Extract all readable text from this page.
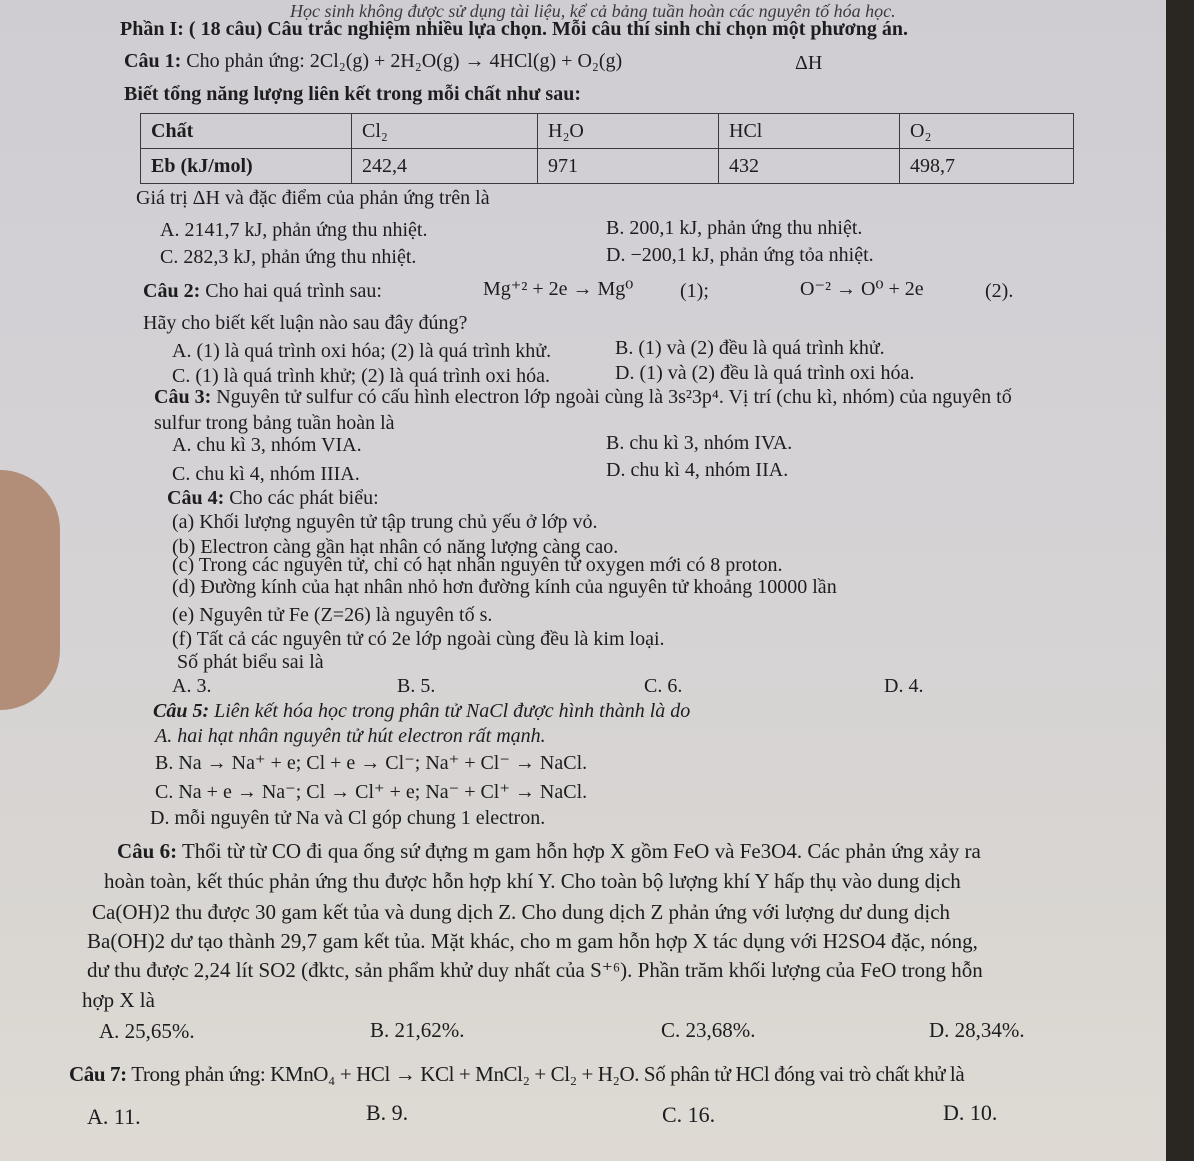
Học sinh không được sử dụng tài liệu, kể cả bảng tuần hoàn các nguyên tố hóa học.
Phần I: ( 18 câu) Câu trắc nghiệm nhiều lựa chọn. Mỗi câu thí sinh chỉ chọn một phương án.
Câu 1: Cho phản ứng: 2Cl₂(g) + 2H₂O(g) → 4HCl(g) + O₂(g)	ΔH
Biết tổng năng lượng liên kết trong mỗi chất như sau:
Chất	Cl₂	H₂O	HCl	O₂
Eb (kJ/mol)	242,4	971	432	498,7
Giá trị ΔH và đặc điểm của phản ứng trên là
A. 2141,7 kJ, phản ứng thu nhiệt.	B. 200,1 kJ, phản ứng thu nhiệt.
C. 282,3 kJ, phản ứng thu nhiệt.	D. −200,1 kJ, phản ứng tỏa nhiệt.
Câu 2: Cho hai quá trình sau:	Mg⁺² + 2e → Mg⁰ (1);	O⁻² → O⁰ + 2e	(2).
Hãy cho biết kết luận nào sau đây đúng?
A. (1) là quá trình oxi hóa; (2) là quá trình khử.	B. (1) và (2) đều là quá trình khử.
C. (1) là quá trình khử; (2) là quá trình oxi hóa.	D. (1) và (2) đều là quá trình oxi hóa.
Câu 3: Nguyên tử sulfur có cấu hình electron lớp ngoài cùng là 3s²3p⁴. Vị trí (chu kì, nhóm) của nguyên tố
sulfur trong bảng tuần hoàn là
A. chu kì 3, nhóm VIA.	B. chu kì 3, nhóm IVA.
C. chu kì 4, nhóm IIIA.	D. chu kì 4, nhóm IIA.
Câu 4: Cho các phát biểu:
(a) Khối lượng nguyên tử tập trung chủ yếu ở lớp vỏ.
(b) Electron càng gần hạt nhân có năng lượng càng cao.
(c) Trong các nguyên tử, chỉ có hạt nhân nguyên tử oxygen mới có 8 proton.
(d) Đường kính của hạt nhân nhỏ hơn đường kính của nguyên tử khoảng 10000 lần
(e) Nguyên tử Fe (Z=26) là nguyên tố s.
(f) Tất cả các nguyên tử có 2e lớp ngoài cùng đều là kim loại.
Số phát biểu sai là
A. 3.	B. 5.	C. 6.	D. 4.
Câu 5: Liên kết hóa học trong phân tử NaCl được hình thành là do
A. hai hạt nhân nguyên tử hút electron rất mạnh.
B. Na → Na⁺ + e; Cl + e → Cl⁻; Na⁺ + Cl⁻ → NaCl.
C. Na + e → Na⁻; Cl → Cl⁺ + e; Na⁻ + Cl⁺ → NaCl.
D. mỗi nguyên tử Na và Cl góp chung 1 electron.
Câu 6: Thổi từ từ CO đi qua ống sứ đựng m gam hỗn hợp X gồm FeO và Fe3O4. Các phản ứng xảy ra
hoàn toàn, kết thúc phản ứng thu được hỗn hợp khí Y. Cho toàn bộ lượng khí Y hấp thụ vào dung dịch
Ca(OH)2 thu được 30 gam kết tủa và dung dịch Z. Cho dung dịch Z phản ứng với lượng dư dung dịch
Ba(OH)2 dư tạo thành 29,7 gam kết tủa. Mặt khác, cho m gam hỗn hợp X tác dụng với H2SO4 đặc, nóng,
dư thu được 2,24 lít SO2 (đktc, sản phẩm khử duy nhất của S⁺⁶). Phần trăm khối lượng của FeO trong hỗn
hợp X là
A. 25,65%.	B. 21,62%.	C. 23,68%.	D. 28,34%.
Câu 7: Trong phản ứng: KMnO₄ + HCl → KCl + MnCl₂ + Cl₂ + H₂O. Số phân tử HCl đóng vai trò chất khử là
A. 11.	B. 9.	C. 16.	D. 10.
